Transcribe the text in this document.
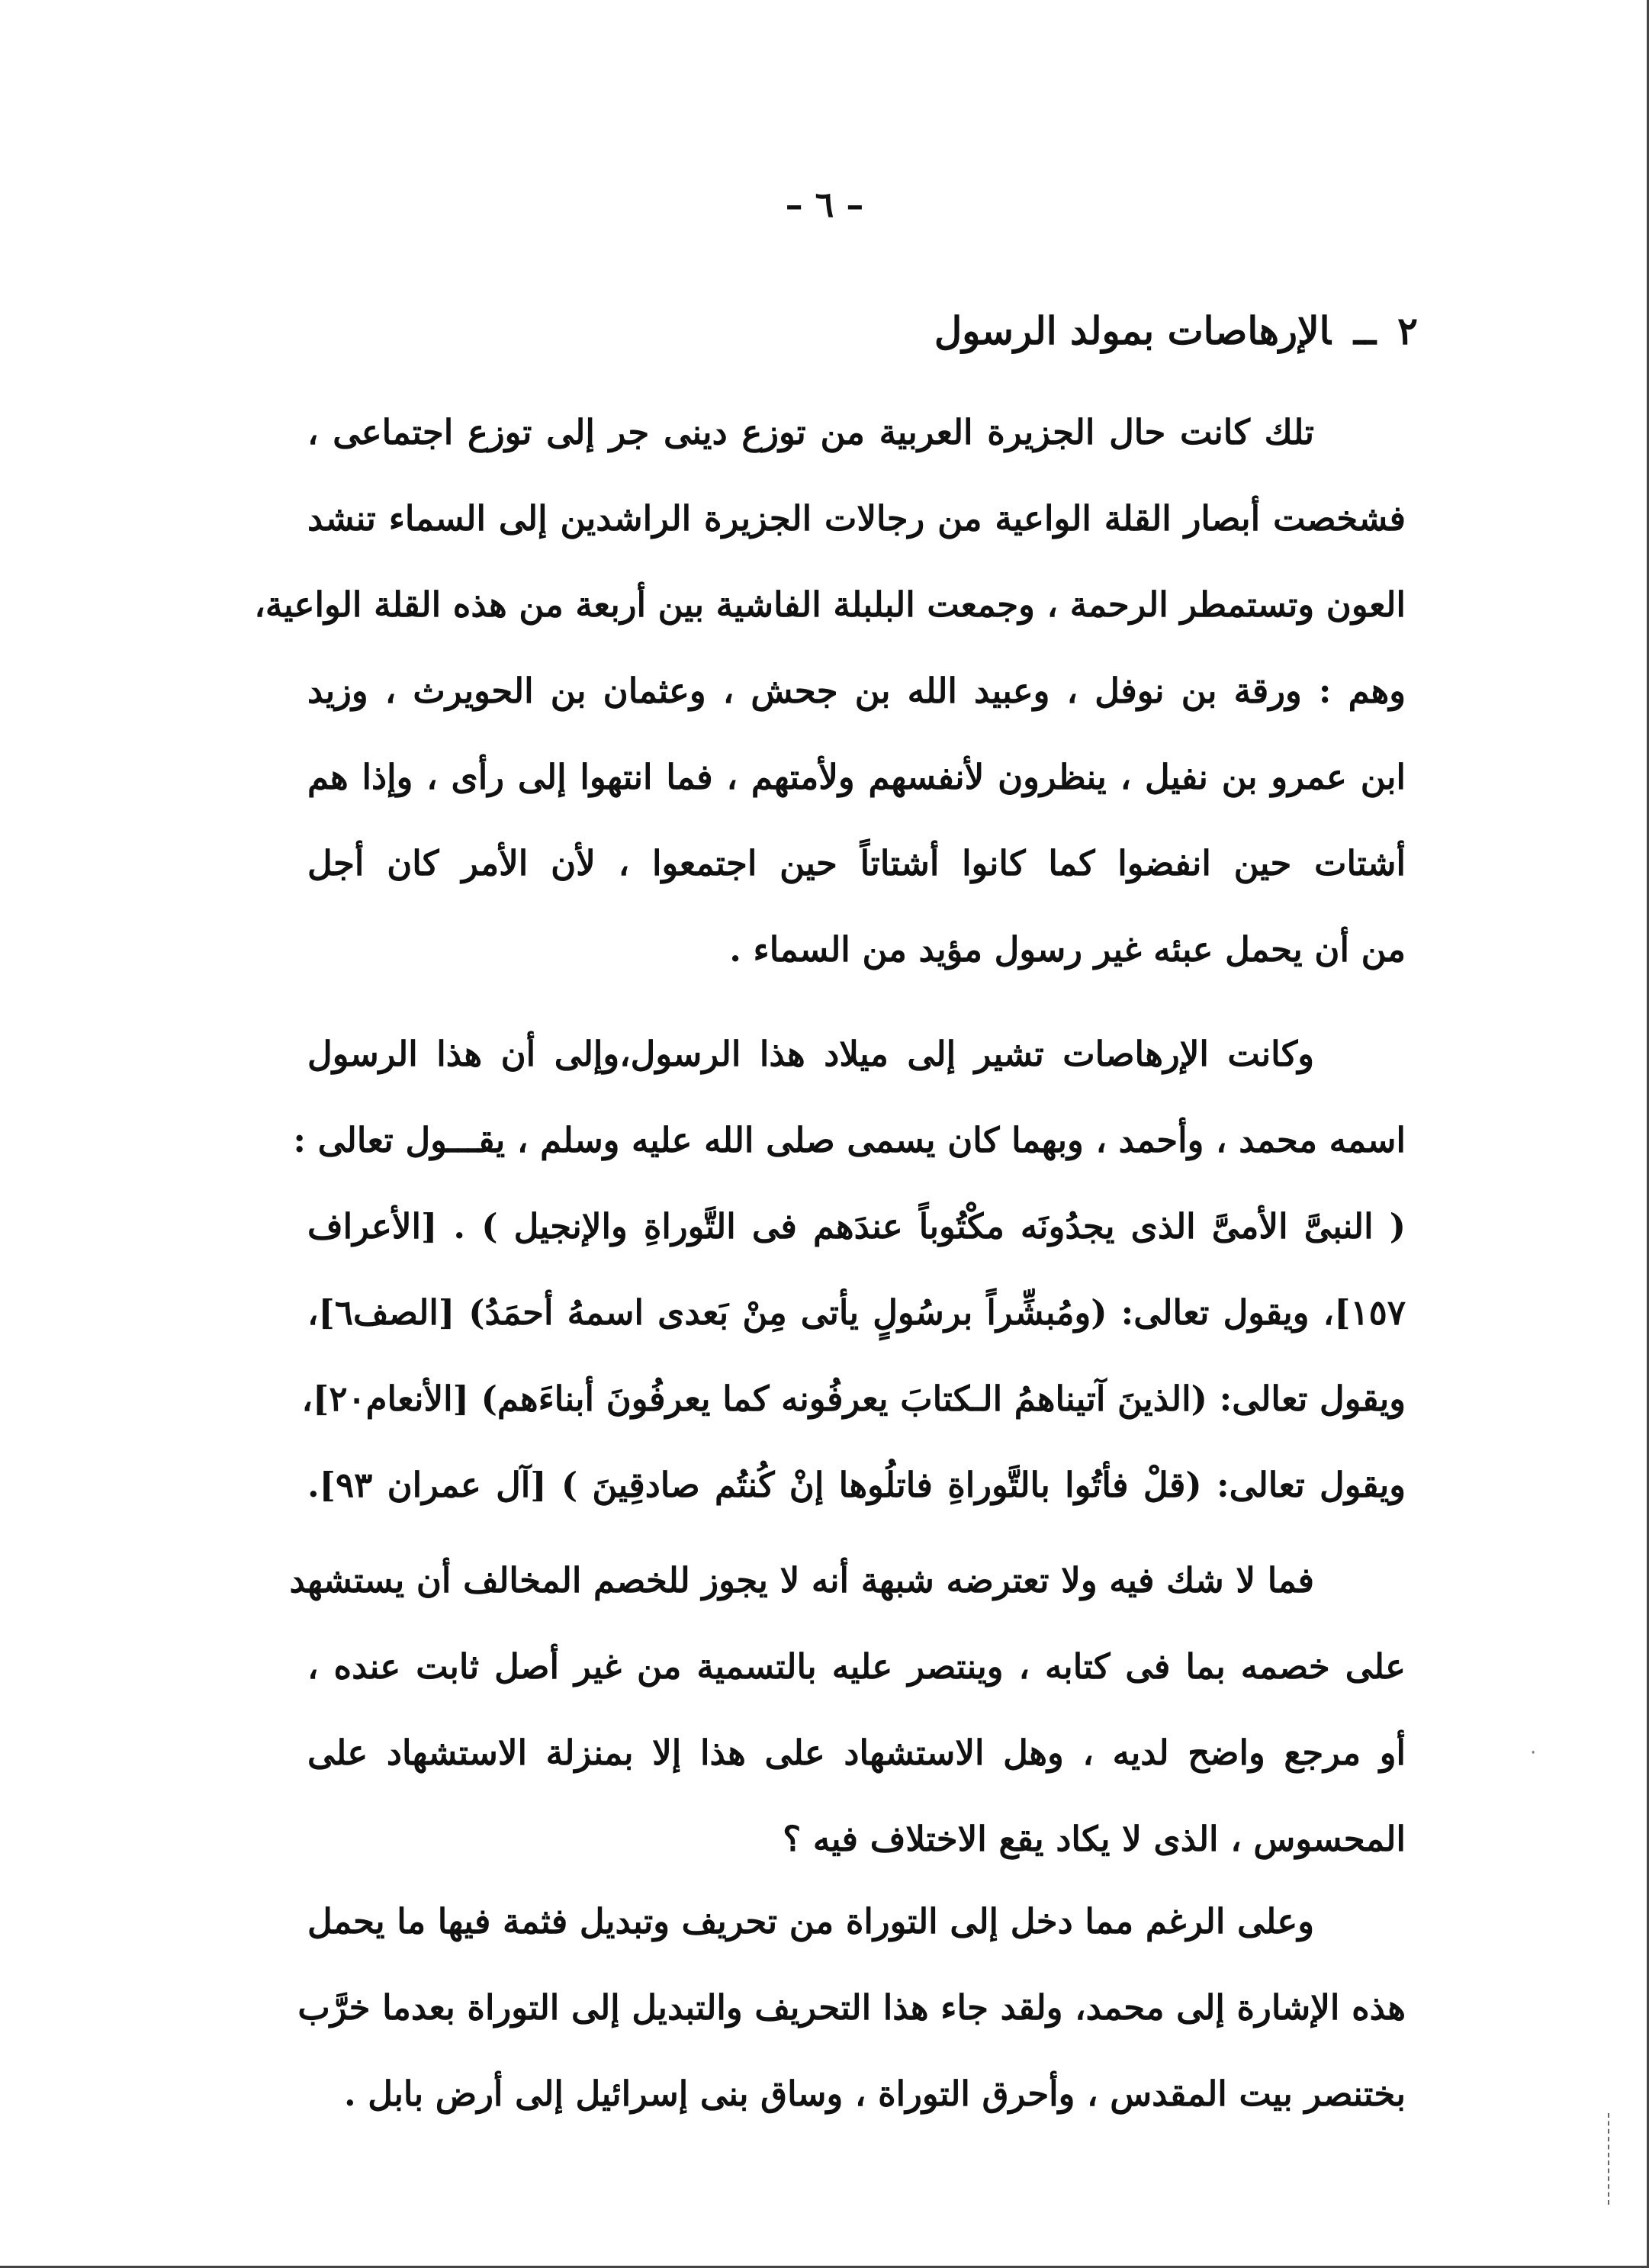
– ٦ –
٢ــالإرهاصات بمولد الرسول
تلك كانت حال الجزيرة العربية من توزع دينى جر إلى توزع اجتماعى ،
فشخصت أبصار القلة الواعية من رجالات الجزيرة الراشدين إلى السماء تنشد
العون وتستمطر الرحمة ، وجمعت البلبلة الفاشية بين أربعة من هذه القلة الواعية،
وهم : ورقة بن نوفل ، وعبيد الله بن جحش ، وعثمان بن الحويرث ، وزيد
ابن عمرو بن نفيل ، ينظرون لأنفسهم ولأمتهم ، فما انتهوا إلى رأى ، وإذا هم
أشتات حين انفضوا كما كانوا أشتاتاً حين اجتمعوا ، لأن الأمر كان أجل
من أن يحمل عبئه غير رسول مؤيد من السماء .
وكانت الإرهاصات تشير إلى ميلاد هذا الرسول،وإلى أن هذا الرسول
اسمه محمد ، وأحمد ، وبهما كان يسمى صلى الله عليه وسلم ، يقـــول تعالى :
( النبىَّ الأمىَّ الذى يجدُونَه مكْتُوباً عندَهم فى التَّوراةِ والإنجيل ) . [الأعراف
١٥٧]، ويقول تعالى: (ومُبشِّراً برسُولٍ يأتى مِنْ بَعدى اسمهُ أحمَدُ) [الصف٦]،
ويقول تعالى: (الذينَ آتيناهمُ الـكتابَ يعرفُونه كما يعرفُونَ أبناءَهم) [الأنعام٢٠]،
ويقول تعالى: (قلْ فأتُوا بالتَّوراةِ فاتلُوها إنْ كُنتُم صادقِينَ ) [آل عمران ٩٣].
فما لا شك فيه ولا تعترضه شبهة أنه لا يجوز للخصم المخالف أن يستشهد
على خصمه بما فى كتابه ، وينتصر عليه بالتسمية من غير أصل ثابت عنده ،
أو مرجع واضح لديه ، وهل الاستشهاد على هذا إلا بمنزلة الاستشهاد على
المحسوس ، الذى لا يكاد يقع الاختلاف فيه ؟
وعلى الرغم مما دخل إلى التوراة من تحريف وتبديل فثمة فيها ما يحمل
هذه الإشارة إلى محمد، ولقد جاء هذا التحريف والتبديل إلى التوراة بعدما خرَّب
بختنصر بيت المقدس ، وأحرق التوراة ، وساق بنى إسرائيل إلى أرض بابل .
·
